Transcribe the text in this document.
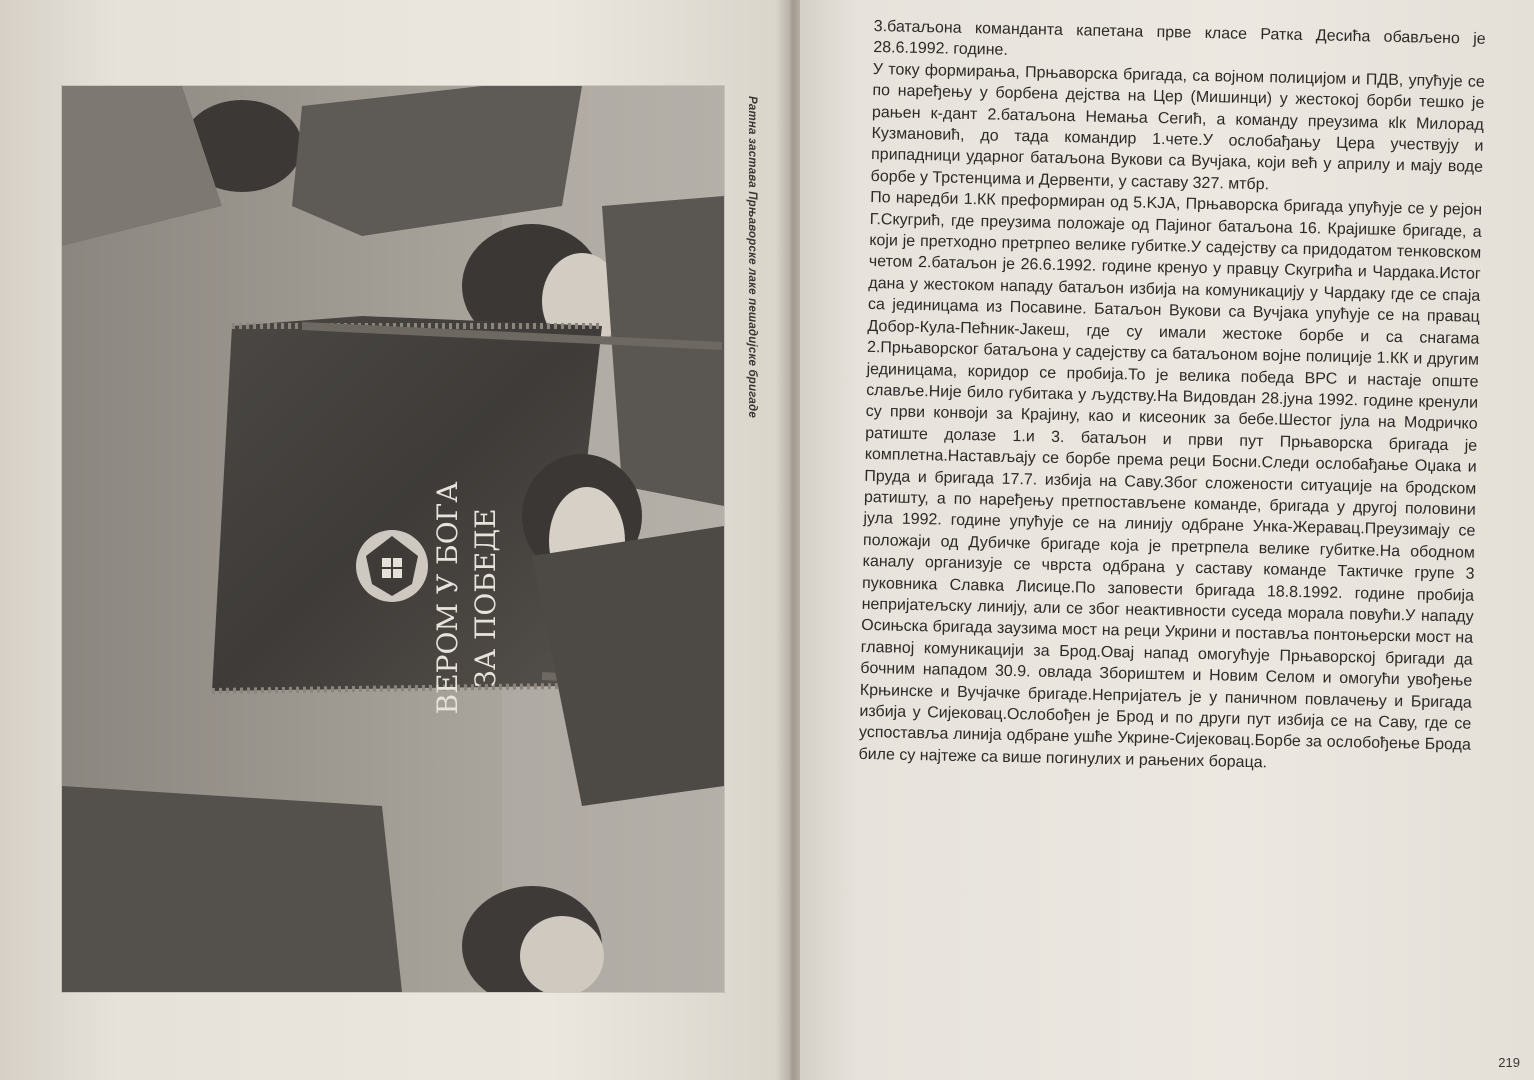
ВЕРОМ У БОГА ЗА ПОБЕДЕ
Ратна застава Прњаворске лаке пешадијске бригаде

3.батаљона команданта капетана прве класе Ратка Десића обављено је 28.6.1992. године.

У току формирања, Прњаворска бригада, са војном полицијом и ПДВ, упућује се по наређењу у борбена дејства на Цер (Мишинци) у жестокој борби тешко је рањен к-дант 2.батаљона Немања Сегић, а команду преузима кlк Милорад Кузмановић, до тада командир 1.чете.У ослобађању Цера учествују и припадници ударног батаљона Вукови са Вучјака, који већ у априлу и мају воде борбе у Трстенцима и Дервенти, у саставу 327. мтбр.

По наредби 1.КК преформиран од 5.KJA, Прњаворска бригада упућује се у рејон Г.Скугрић, где преузима положаје од Пајиног батаљона 16. Крајишке бригаде, а који је претходно претрпео велике губитке.У садејству са придодатом тенковском четом 2.батаљон је 26.6.1992. године кренуо у правцу Скугрића и Чардака.Истог дана у жестоком нападу батаљон избија на комуникацију у Чардаку где се спаја са јединицама из Посавине. Батаљон Вукови са Вучјака упућује се на правац Добор-Кула-Пећник-Јакеш, где су имали жестоке борбе и са снагама 2.Прњаворског батаљона у садејству са батаљоном војне полиције 1.КК и другим јединицама, коридор се пробија.То је велика победа ВРС и настаје опште славље.Није било губитака у људству.На Видовдан 28.јуна 1992. године кренули су први конвоји за Крајину, као и кисеоник за бебе.Шестог јула на Модричко ратиште долазе 1.и 3. батаљон и први пут Прњаворска бригада је комплетна.Настављају се борбе према реци Босни.Следи ослобађање Оџака и Пруда и бригада 17.7. избија на Саву.Због сложености ситуације на бродском ратишту, а по наређењу претпостављене команде, бригада у другој половини јула 1992. године упућује се на линију одбране Унка-Жеравац.Преузимају се положаји од Дубичке бригаде која је претрпела велике губитке.На ободном каналу организује се чврста одбрана у саставу команде Тактичке групе 3 пуковника Славка Лисице.По заповести бригада 18.8.1992. године пробија непријатељску линију, али се због неактивности суседа морала повући.У нападу Осињска бригада заузима мост на реци Укрини и поставља понтоњерски мост на главној комуникацији за Брод.Овај напад омогућује Прњаворској бригади да бочним нападом 30.9. овлада Збориштем и Новим Селом и омогући увођење Крњинске и Вучјачке бригаде.Непријатељ је у паничном повлачењу и Бригада избија у Сијековац.Ослобођен је Брод и по други пут избија се на Саву, где се успоставља линија одбране ушће Укрине-Сијековац.Борбе за ослобођење Брода биле су најтеже са више погинулих и рањених бораца.

219
